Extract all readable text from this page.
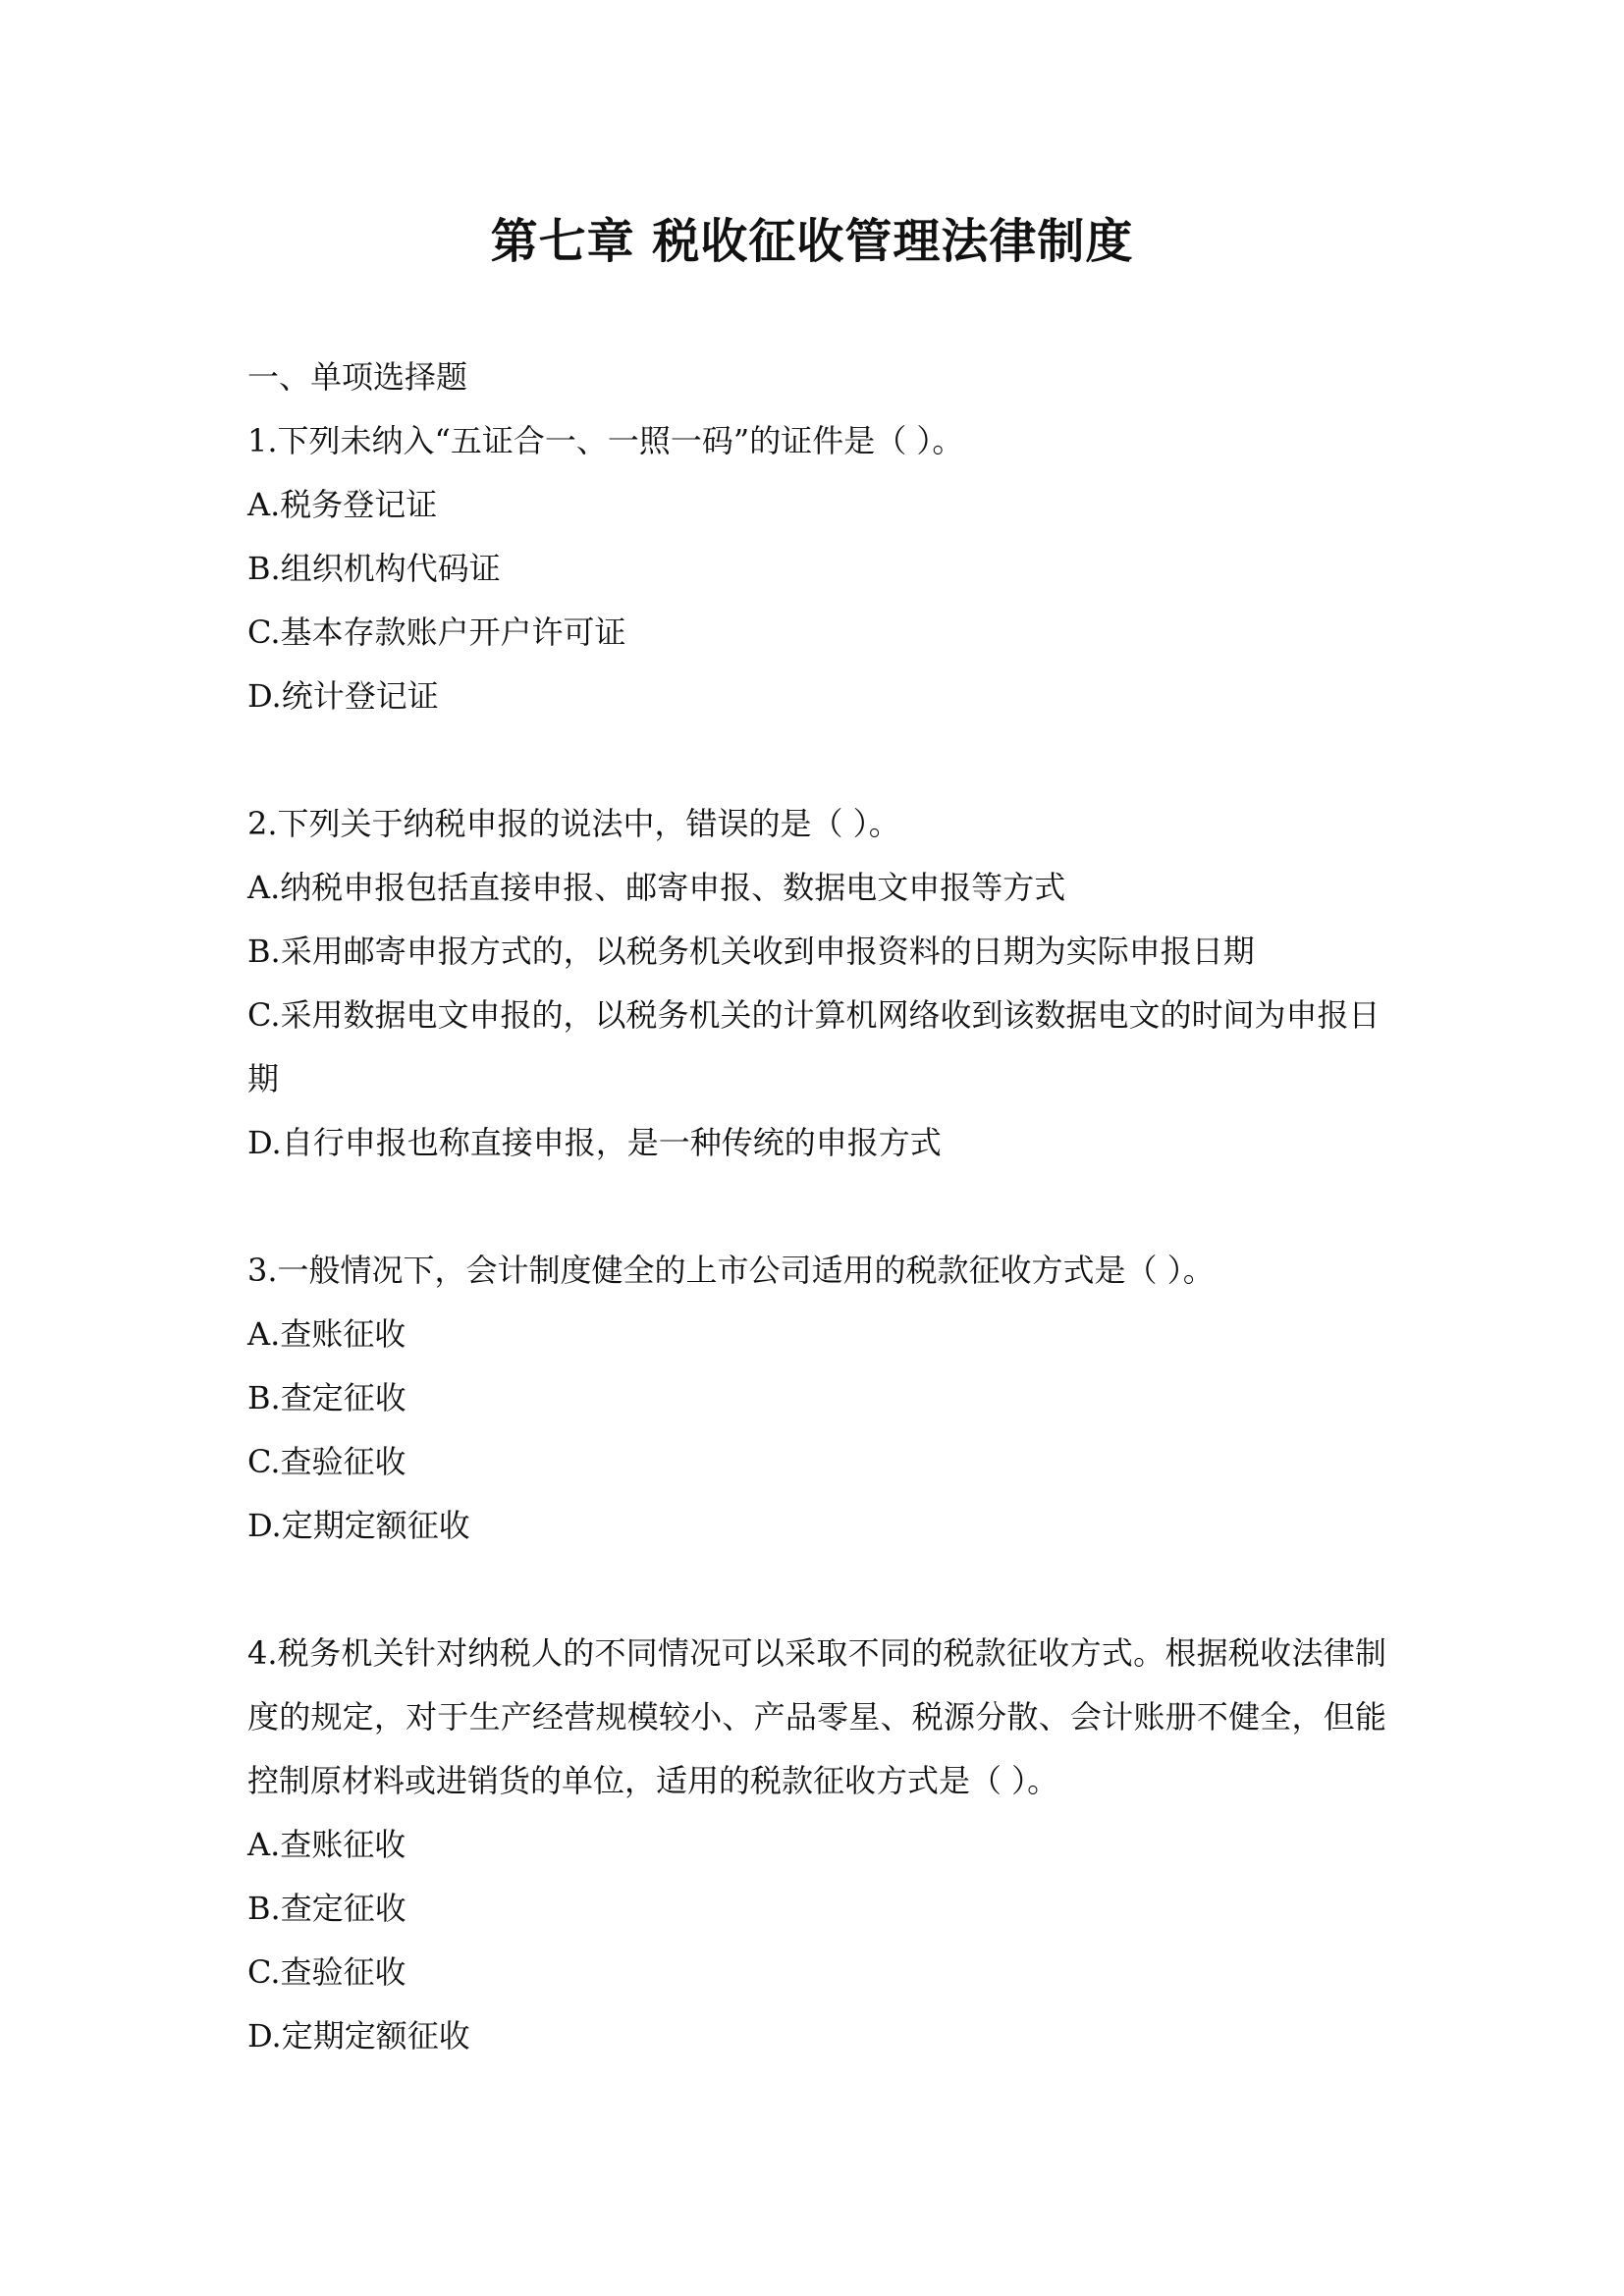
第七章 税收征收管理法律制度

一、单项选择题

1.下列未纳入“五证合一、一照一码”的证件是（ ）。

A.税务登记证

B.组织机构代码证

C.基本存款账户开户许可证

D.统计登记证

2.下列关于纳税申报的说法中，错误的是（ ）。

A.纳税申报包括直接申报、邮寄申报、数据电文申报等方式

B.采用邮寄申报方式的，以税务机关收到申报资料的日期为实际申报日期

C.采用数据电文申报的，以税务机关的计算机网络收到该数据电文的时间为申报日期

D.自行申报也称直接申报，是一种传统的申报方式

3.一般情况下，会计制度健全的上市公司适用的税款征收方式是（ ）。

A.查账征收

B.查定征收

C.查验征收

D.定期定额征收

4.税务机关针对纳税人的不同情况可以采取不同的税款征收方式。根据税收法律制度的规定，对于生产经营规模较小、产品零星、税源分散、会计账册不健全，但能控制原材料或进销货的单位，适用的税款征收方式是（ ）。

A.查账征收

B.查定征收

C.查验征收

D.定期定额征收
